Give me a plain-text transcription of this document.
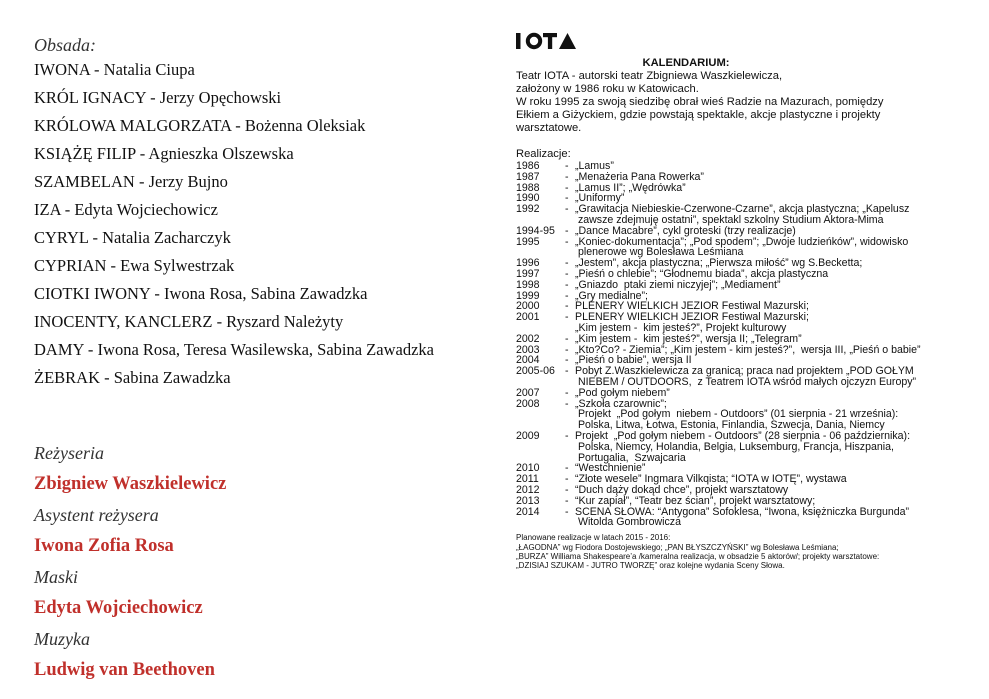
Obsada:
IWONA - Natalia Ciupa
KRÓL IGNACY - Jerzy Opęchowski
KRÓLOWA MALGORZATA - Bożenna Oleksiak
KSIĄŻĘ FILIP - Agnieszka Olszewska
SZAMBELAN - Jerzy Bujno
IZA - Edyta Wojciechowicz
CYRYL - Natalia Zacharczyk
CYPRIAN - Ewa Sylwestrzak
CIOTKI IWONY - Iwona Rosa, Sabina Zawadzka
INOCENTY, KANCLERZ - Ryszard Należyty
DAMY - Iwona Rosa, Teresa Wasilewska, Sabina Zawadzka
ŻEBRAK - Sabina Zawadzka
Reżyseria
Zbigniew Waszkielewicz
Asystent reżysera
Iwona Zofia Rosa
Maski
Edyta Wojciechowicz
Muzyka
Ludwig van Beethoven
KALENDARIUM:

Teatr IOTA - autorski teatr Zbigniewa Waszkielewicza,

założony w 1986 roku w Katowicach.

W roku 1995 za swoją siedzibę obrał wieś Radzie na Mazurach, pomiędzy

Ełkiem a Giżyckiem, gdzie powstają spektakle, akcje plastyczne i projekty

warsztatowe.

Realizacje:
1986	- „Lamus”
1987	- „Menażeria Pana Rowerka”
1988	- „Lamus II”; „Wędrówka”
1990	- „Uniformy”
1992	- „Grawitacja Niebieskie-Czerwone-Czarne”, akcja plastyczna; „Kapelusz
zawsze zdejmuję ostatni”, spektakl szkolny Studium Aktora-Mima
1994-95 - „Dance Macabre”, cykl groteski (trzy realizacje)
1995	- „Koniec-dokumentacja”; „Pod spodem”; „Dwoje ludzieńków”, widowisko
plenerowe wg Bolesława Leśmiana
1996	- „Jestem”, akcja plastyczna; „Pierwsza miłość” wg S.Becketta;
1997	- „Pieśń o chlebie”; “Głodnemu biada”, akcja plastyczna
1998	- „Gniazdo  ptaki ziemi niczyjej”; „Mediament”
1999	- „Gry medialne”;
2000	- PLENERY WIELKICH JEZIOR Festiwal Mazurski;
2001	- PLENERY WIELKICH JEZIOR Festiwal Mazurski;
„Kim jestem -  kim jesteś?”, Projekt kulturowy
2002	- „Kim jestem -  kim jesteś?”, wersja II; „Telegram”
2003	- „Kto?Co? - Ziemia”; „Kim jestem - kim jesteś?”,  wersja III, „Pieśń o babie”
2004	- „Pieśń o babie”, wersja II
2005-06 - Pobyt Z.Waszkielewicza za granicą; praca nad projektem „POD GOŁYM
NIEBEM / OUTDOORS,  z Teatrem IOTA wśród małych ojczyzn Europy”
2007	- „Pod gołym niebem”
2008	- „Szkoła czarownic”;
Projekt  „Pod gołym  niebem - Outdoors” (01 sierpnia - 21 września):
Polska, Litwa, Łotwa, Estonia, Finlandia, Szwecja, Dania, Niemcy
2009	- Projekt  „Pod gołym niebem - Outdoors” (28 sierpnia - 06 października):
Polska, Niemcy, Holandia, Belgia, Luksemburg, Francja, Hiszpania,
Portugalia,  Szwajcaria
2010	- “Westchnienie”
2011	- “Złote wesele” Ingmara Vilkqista; “IOTA w IOTĘ”, wystawa
2012	- “Duch dąży dokąd chce”, projekt warsztatowy
2013	- “Kur zapiał”, “Teatr bez ścian”, projekt warsztatowy;
2014	- SCENA SŁOWA: “Antygona” Sofoklesa, “Iwona, księżniczka Burgunda”
Witolda Gombrowicza
Planowane realizacje w latach 2015 - 2016:
„ŁAGODNA” wg Fiodora Dostojewskiego; „PAN BŁYSZCZYŃSKI” wg Bolesława Leśmiana;
„BURZA” Williama Shakespeare’a /kameralna realizacja, w obsadzie 5 aktorów/; projekty warsztatowe:
„DZISIAJ SZUKAM - JUTRO TWORZĘ” oraz kolejne wydania Sceny Słowa.
